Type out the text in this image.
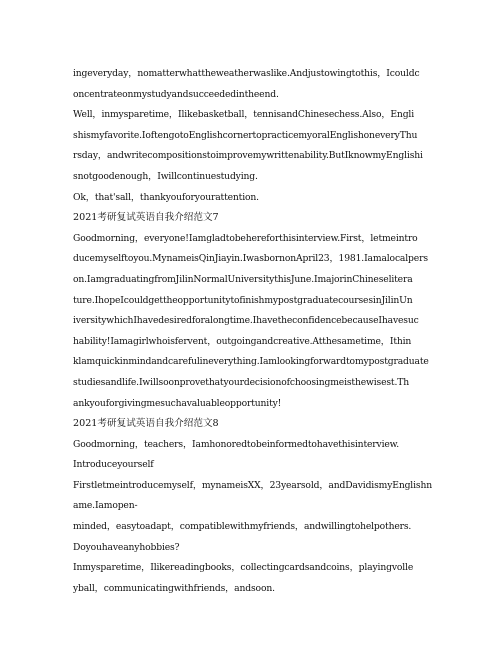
ingeveryday，nomatterwhattheweatherwaslike.Andjustowingtothis，Icouldc
oncentrateonmystudyandsucceededintheend.
Well，inmysparetime，Ilikebasketball，tennisandChinesechess.Also，Engli
shismyfavorite.IoftengotoEnglishcornertopracticemyoralEnglishoneveryThu
rsday，andwritecompositionstoimprovemywrittenability.ButIknowmyEnglishi
snotgoodenough，Iwillcontinuestudying.
Ok，that'sall，thankyouforyourattention.
2021考研复试英语自我介绍范文7
Goodmorning，everyone!Iamgladtobehereforthisinterview.First，letmeintro
ducemyselftoyou.MynameisQinJiayin.IwasbornonApril23，1981.Iamalocalpers
on.IamgraduatingfromJilinNormalUniversitythisJune.ImajorinChineselitera
ture.IhopeIcouldgettheopportunitytofinishmypostgraduatecoursesinJilinUn
iversitywhichIhavedesiredforalongtime.IhavetheconfidencebecauseIhavesuc
hability!Iamagirlwhoisfervent，outgoingandcreative.Atthesametime，Ithin
klamquickinmindandcarefulineverything.Iamlookingforwardtomypostgraduate
studiesandlife.Iwillsoonprovethatyourdecisionofchoosingmeisthewisest.Th
ankyouforgivingmesuchavaluableopportunity!
2021考研复试英语自我介绍范文8
Goodmorning，teachers，Iamhonoredtobeinformedtohavethisinterview.
Introduceyourself
Firstletmeintroducemyself，mynameisXX，23yearsold，andDavidismyEnglishn
ame.Iamopen-
minded，easytoadapt，compatiblewithmyfriends，andwillingtohelpothers.
Doyouhaveanyhobbies?
Inmysparetime，Ilikereadingbooks，collectingcardsandcoins，playingvolle
yball，communicatingwithfriends，andsoon.
